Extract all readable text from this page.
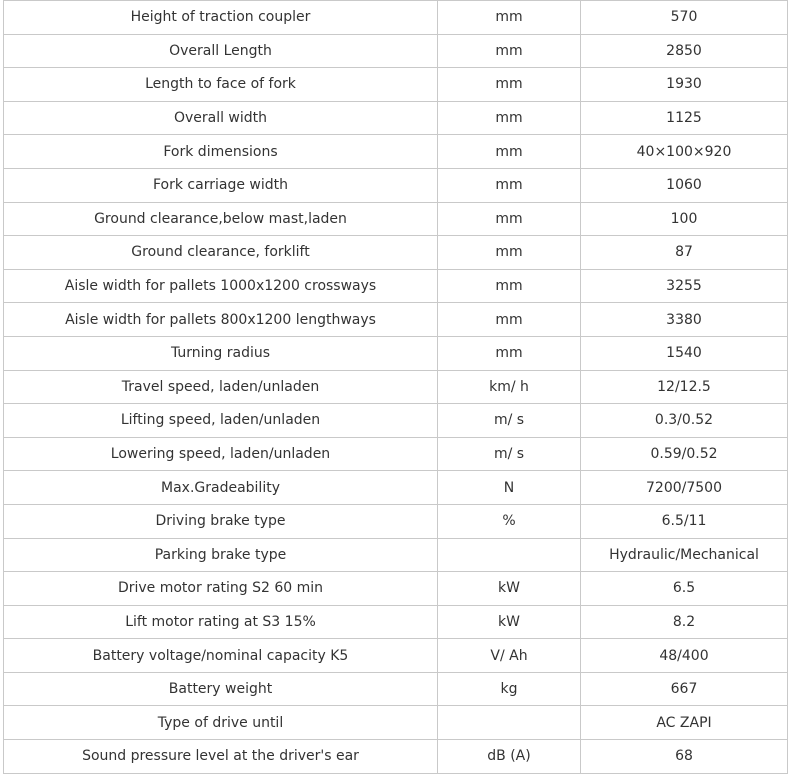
Height of traction coupler	mm	570
Overall Length	mm	2850
Length to face of fork	mm	1930
Overall width	mm	1125
Fork dimensions	mm	40×100×920
Fork carriage width	mm	1060
Ground clearance,below mast,laden	mm	100
Ground clearance, forklift	mm	87
Aisle width for pallets 1000x1200 crossways	mm	3255
Aisle width for pallets 800x1200 lengthways	mm	3380
Turning radius	mm	1540
Travel speed, laden/unladen	km/ h	12/12.5
Lifting speed, laden/unladen	m/ s	0.3/0.52
Lowering speed, laden/unladen	m/ s	0.59/0.52
Max.Gradeability	N	7200/7500
Driving brake type	%	6.5/11
Parking brake type		Hydraulic/Mechanical
Drive motor rating S2 60 min	kW	6.5
Lift motor rating at S3 15%	kW	8.2
Battery voltage/nominal capacity K5	V/ Ah	48/400
Battery weight	kg	667
Type of drive until		AC ZAPI
Sound pressure level at the driver's ear	dB (A)	68
